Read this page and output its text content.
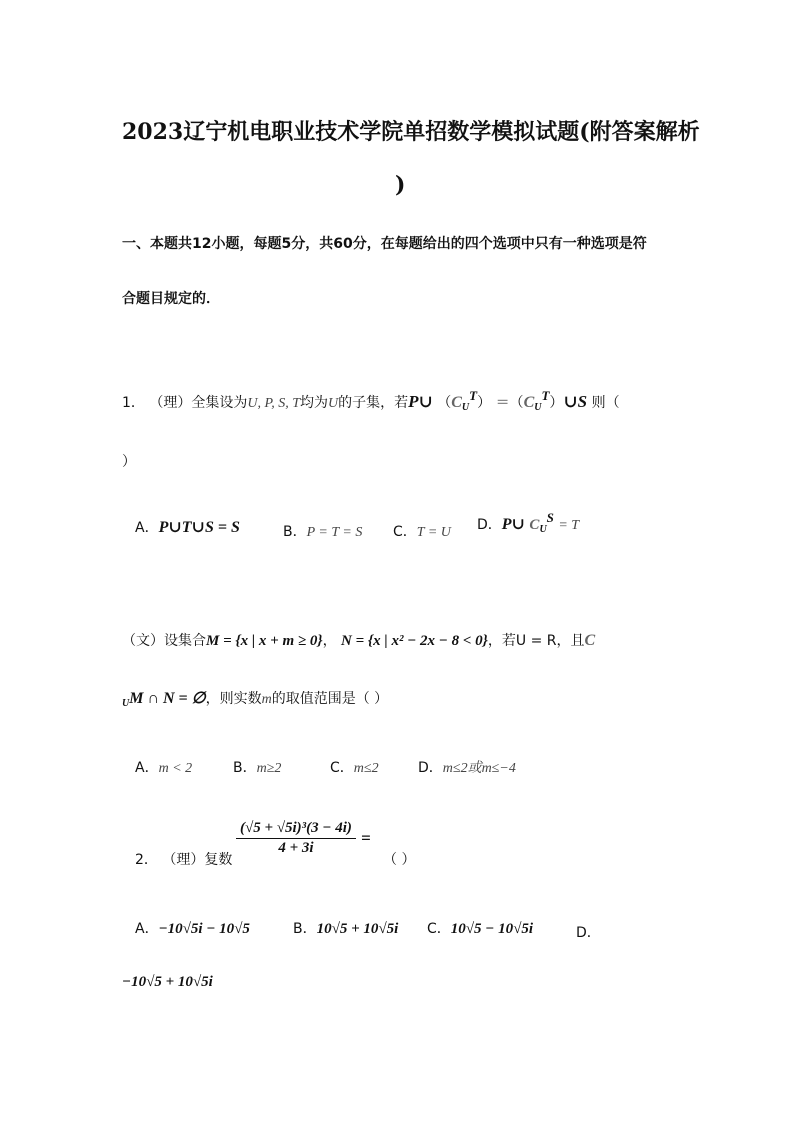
2023辽宁机电职业技术学院单招数学模拟试题(附答案解析
)
一、本题共12小题，每题5分，共60分，在每题给出的四个选项中只有一种选项是符
合题目规定的．
1． （理）全集设为U, P, S, T均为U的子集，若P∪ $(C_UT)$ $=(C_UT)\cup S$ 则（
）
A．P∪T∪S = S	B．P = T = S C．T = U D．P∪ $C_US = T$
（文）设集合M = {x | x + m ≥ 0}， N = {x | x² − 2x − 8 < 0}，若U = R，且C
$_U$M ∩ N = ∅，则实数m的取值范围是（ ）
A．m < 2	B．m≥2	C．m≤2	D．m≤2或m≤−4
2． （理）复数
$\frac{\text{(√5 + √5i)³(3 − 4i)}}{4 + 3i}$ =
（ ）
A．−10√5i − 10√5	B．10√5 + 10√5i C．10√5 − 10√5i	D．
−10√5 + 10√5i
